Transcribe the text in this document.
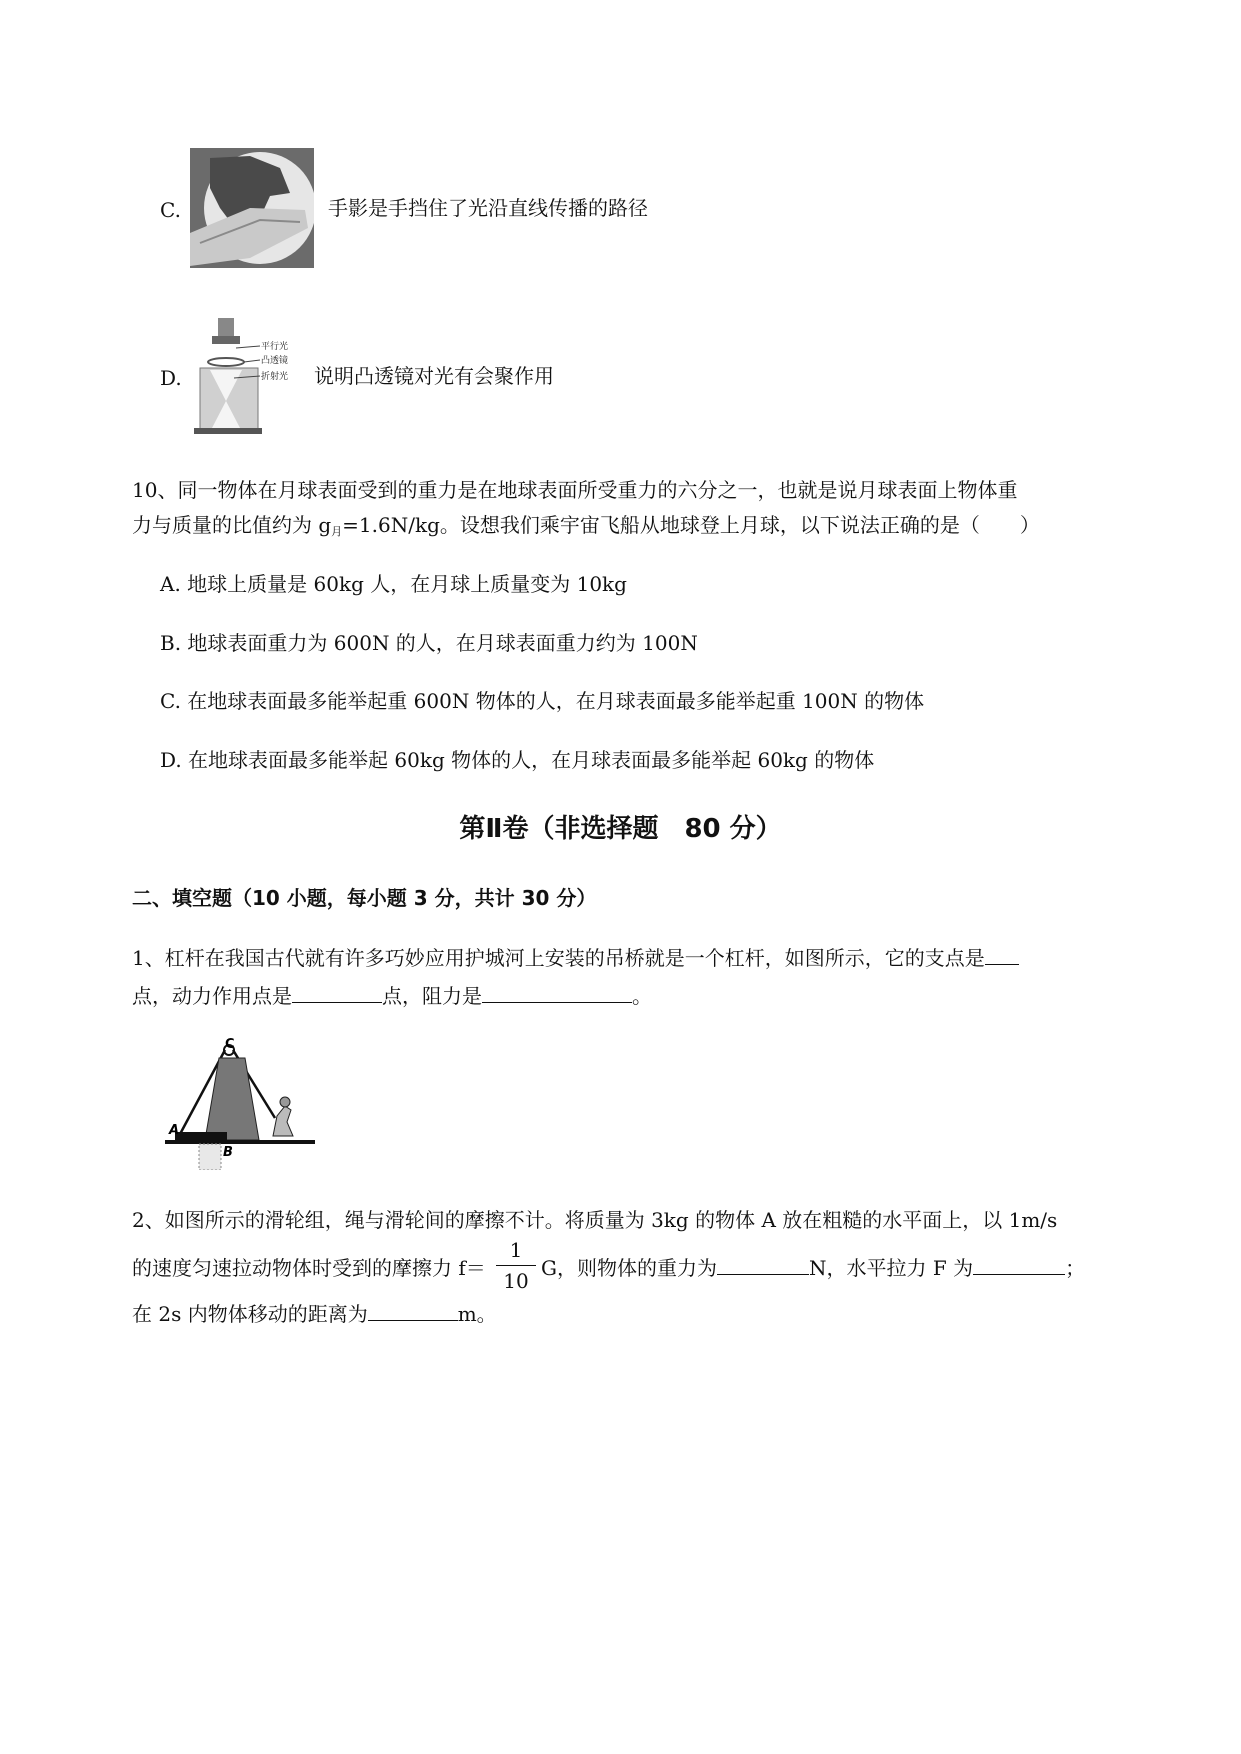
C.	手影是手挡住了光沿直线传播的路径
D.
平行光
凸透镜
折射光 说明凸透镜对光有会聚作用
10、同一物体在月球表面受到的重力是在地球表面所受重力的六分之一，也就是说月球表面上物体重
力与质量的比值约为 $g_月=1.6N/kg$。设想我们乘宇宙飞船从地球登上月球，以下说法正确的是（　　）
A. 地球上质量是 60kg 人，在月球上质量变为 10kg
B. 地球表面重力为 600N 的人，在月球表面重力约为 100N
C. 在地球表面最多能举起重 600N 物体的人，在月球表面最多能举起重 100N 的物体
D. 在地球表面最多能举起 60kg 物体的人，在月球表面最多能举起 60kg 的物体
第Ⅱ卷（非选择题　80 分）
二、填空题（10 小题，每小题 3 分，共计 30 分）
1、杠杆在我国古代就有许多巧妙应用护城河上安装的吊桥就是一个杠杆，如图所示，它的支点是
点，动力作用点是	点，阻力是	。
C
A
B
2、如图所示的滑轮组，绳与滑轮间的摩擦不计。将质量为 3kg 的物体 A 放在粗糙的水平面上，以 1m/s
的速度匀速拉动物体时受到的摩擦力 f＝
1
10
G，则物体的重力为	N，水平拉力 F 为	；
在 2s 内物体移动的距离为	m。
